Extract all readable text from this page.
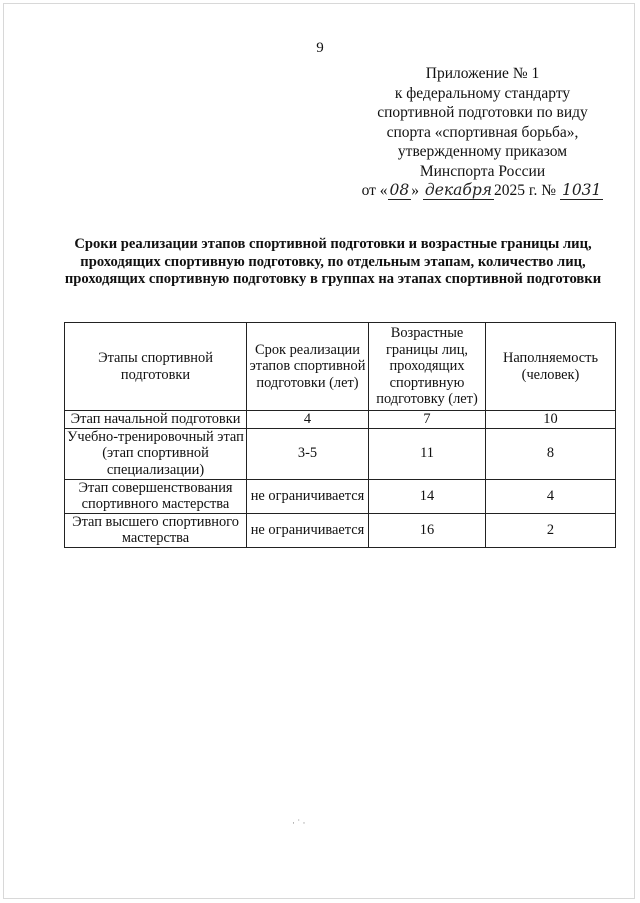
9
Приложение № 1
к федеральному стандарту
спортивной подготовки по виду
спорта «спортивная борьба»,
утвержденному приказом
Минспорта России
от « 08 » декабря 2025 г. № 1031
Сроки реализации этапов спортивной подготовки и возрастные границы лиц, проходящих спортивную подготовку, по отдельным этапам, количество лиц, проходящих спортивную подготовку в группах на этапах спортивной подготовки
Этапы спортивной подготовки	Срок реализации этапов спортивной подготовки (лет)	Возрастные границы лиц, проходящих спортивную подготовку (лет)	Наполняемость (человек)
Этап начальной подготовки	4	7	10
Учебно-тренировочный этап (этап спортивной специализации)	3-5	11	8
Этап совершенствования спортивного мастерства	не ограничивается	14	4
Этап высшего спортивного мастерства	не ограничивается	16	2
· ˙ ·
